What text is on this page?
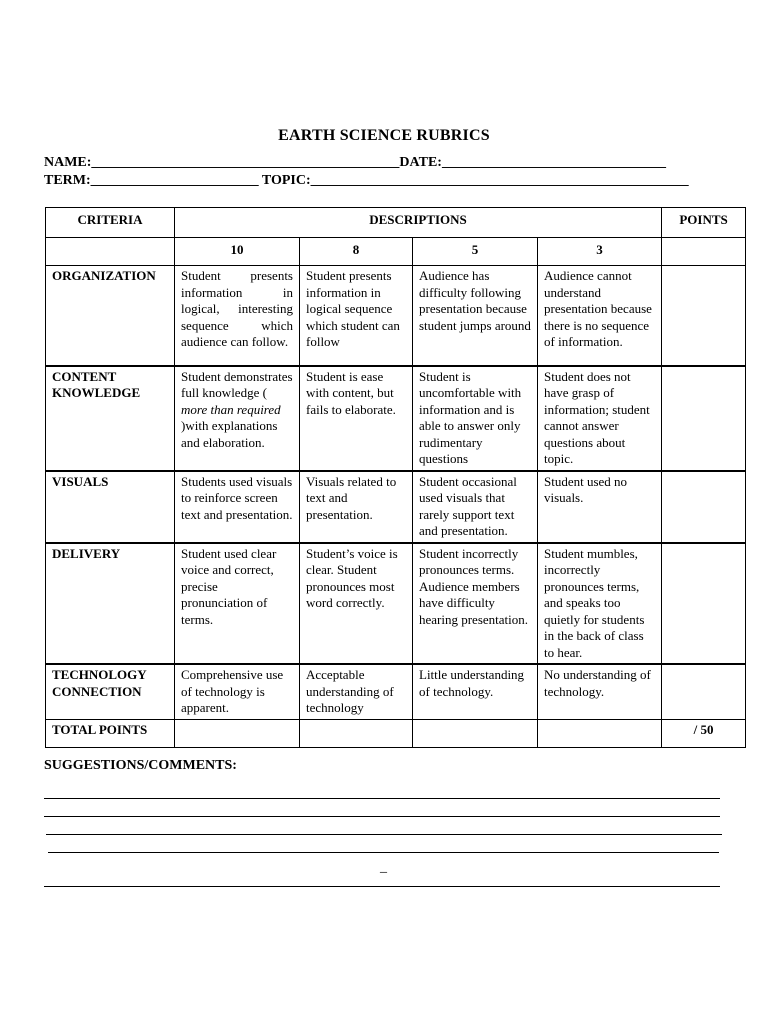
EARTH SCIENCE RUBRICS
NAME:____________________________________________DATE:________________________________
TERM:________________________ TOPIC:______________________________________________________
CRITERIA	DESCRIPTIONS				POINTS
	10	8	5	3	
ORGANIZATION	Student presents information in logical, interesting sequence which audience can follow.	Student presents information in logical sequence which student can follow	Audience has difficulty following presentation because student jumps around	Audience cannot understand presentation because there is no sequence of information.	
CONTENT KNOWLEDGE	Student demonstrates full knowledge ( more than required )with explanations and elaboration.	Student is ease with content, but fails to elaborate.	Student is uncomfortable with information and is able to answer only rudimentary questions	Student does not have grasp of information; student cannot answer questions about topic.	
VISUALS	Students used visuals to reinforce screen text and presentation.	Visuals related to text and presentation.	Student occasional used visuals that rarely support text and presentation.	Student used no visuals.	
DELIVERY	Student used clear voice and correct, precise pronunciation of terms.	Student’s voice is clear. Student pronounces most word correctly.	Student incorrectly pronounces terms. Audience members have difficulty hearing presentation.	Student mumbles, incorrectly pronounces terms, and speaks too quietly for students in the back of class to hear.	
TECHNOLOGY CONNECTION	Comprehensive use of technology is apparent.	Acceptable understanding of technology	Little understanding of technology.	No understanding of technology.	
TOTAL POINTS					/ 50
SUGGESTIONS/COMMENTS:
_
